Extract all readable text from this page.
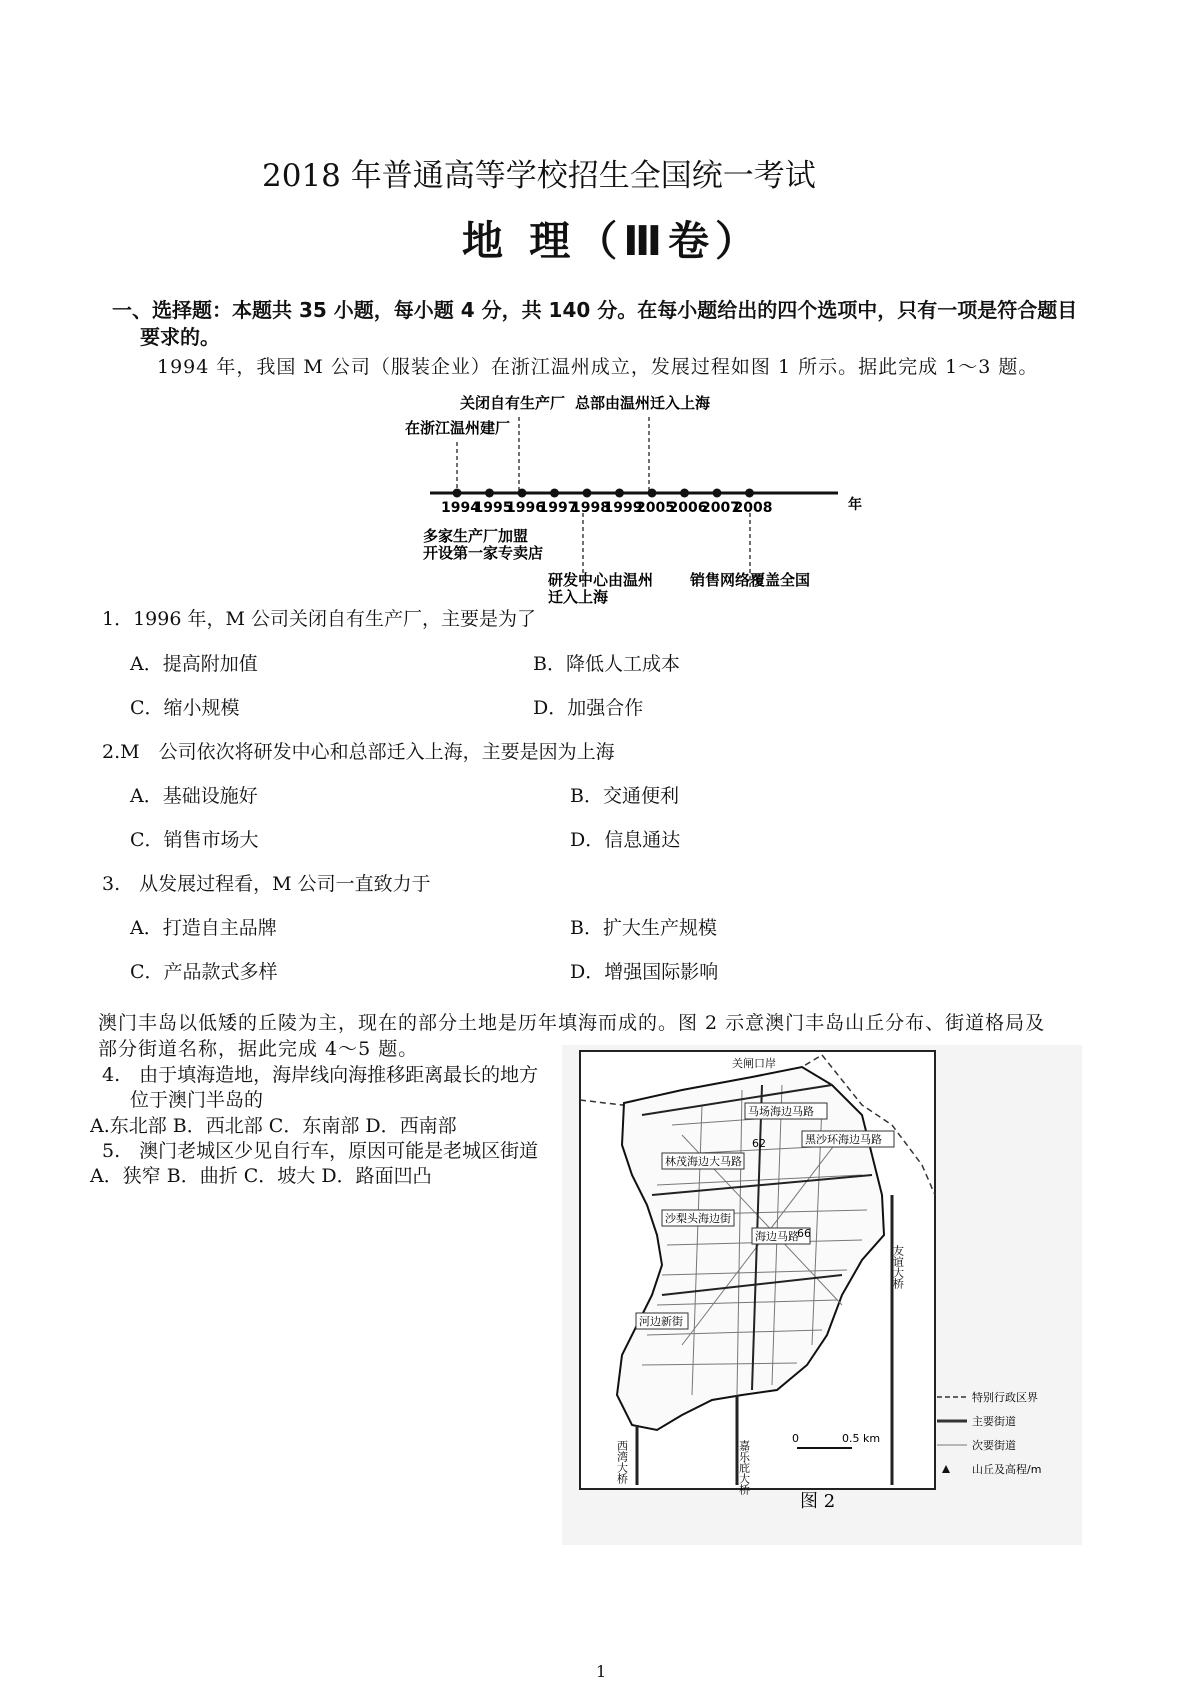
2018 年普通高等学校招生全国统一考试
地 理（Ⅲ卷）
一、选择题：本题共 35 小题，每小题 4 分，共 140 分。在每小题给出的四个选项中，只有一项是符合题目
要求的。
1994 年，我国 M 公司（服装企业）在浙江温州成立，发展过程如图 1 所示。据此完成 1～3 题。
1994
1995
1996
1997
1998
1999
2005
2006
2007
2008	年
在浙江温州建厂
关闭自有生产厂 总部由温州迁入上海
多家生产厂加盟
开设第一家专卖店
研发中心由温州
迁入上海
销售网络覆盖全国
1．1996 年，M 公司关闭自有生产厂，主要是为了
A．提高附加值	B．降低人工成本
C．缩小规模	D．加强合作
2.M　公司依次将研发中心和总部迁入上海，主要是因为上海
A．基础设施好	B．交通便利
C．销售市场大	D．信息通达
3.　从发展过程看，M 公司一直致力于
A．打造自主品牌	B．扩大生产规模
C．产品款式多样	D．增强国际影响
澳门丰岛以低矮的丘陵为主，现在的部分土地是历年填海而成的。图 2 示意澳门丰岛山丘分布、街道格局及
部分街道名称，据此完成 4～5 题。
4.　由于填海造地，海岸线向海推移距离最长的地方
位于澳门半岛的
A.东北部 B．西北部 C．东南部 D．西南部
5.　澳门老城区少见自行车，原因可能是老城区街道
A．狭窄 B．曲折 C．坡大 D．路面凹凸
关闸口岸
马场海边马路
黑沙环海边马路
林茂海边大马路
沙梨头海边街
海边马路
河边新街
62
66
友谊大桥
嘉乐庇大桥
西湾大桥
0	0.5 km
特别行政区界
主要街道
次要街道
山丘及高程/m
图 2
1
